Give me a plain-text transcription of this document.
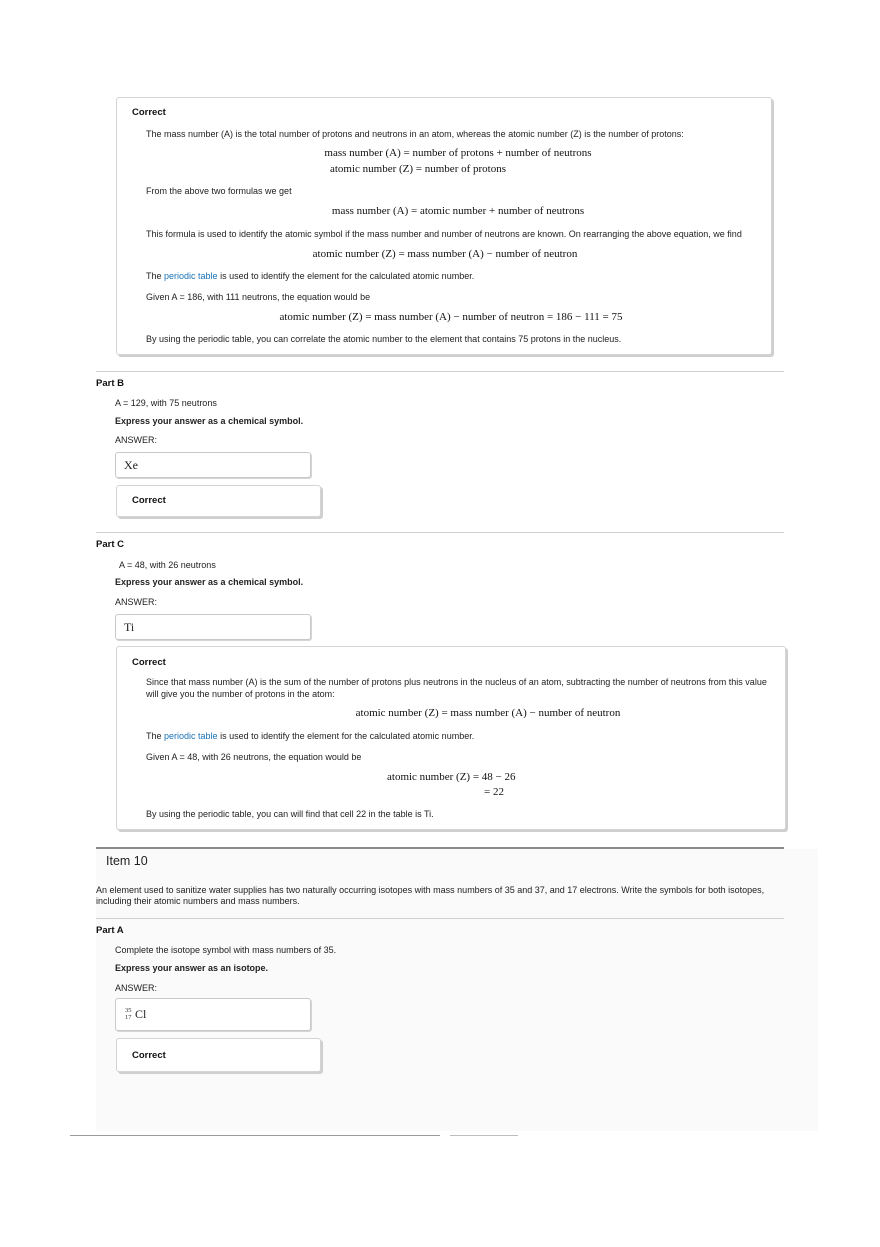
Correct
The mass number (A) is the total number of protons and neutrons in an atom, whereas the atomic number (Z) is the number of protons:
mass number (A) = number of protons + number of neutrons
atomic number (Z) = number of protons
From the above two formulas we get
mass number (A) = atomic number + number of neutrons
This formula is used to identify the atomic symbol if the mass number and number of neutrons are known. On rearranging the above equation, we find
atomic number (Z) = mass number (A) − number of neutron
The periodic table is used to identify the element for the calculated atomic number.
Given A = 186, with 111 neutrons, the equation would be
atomic number (Z) = mass number (A) − number of neutron = 186 − 111 = 75
By using the periodic table, you can correlate the atomic number to the element that contains 75 protons in the nucleus.
Part B
A = 129, with 75 neutrons
Express your answer as a chemical symbol.
ANSWER:
Xe
Correct
Part C
A = 48, with 26 neutrons
Express your answer as a chemical symbol.
ANSWER:
Ti
Correct
Since that mass number (A) is the sum of the number of protons plus neutrons in the nucleus of an atom, subtracting the number of neutrons from this value will give you the number of protons in the atom:
atomic number (Z) = mass number (A) − number of neutron
The periodic table is used to identify the element for the calculated atomic number.
Given A = 48, with 26 neutrons, the equation would be
atomic number (Z) = 48 − 26
= 22
By using the periodic table, you can will find that cell 22 in the table is Ti.
Item 10
An element used to sanitize water supplies has two naturally occurring isotopes with mass numbers of 35 and 37, and 17 electrons. Write the symbols for both isotopes, including their atomic numbers and mass numbers.
Part A
Complete the isotope symbol with mass numbers of 35.
Express your answer as an isotope.
ANSWER:
35
17 Cl
Correct
